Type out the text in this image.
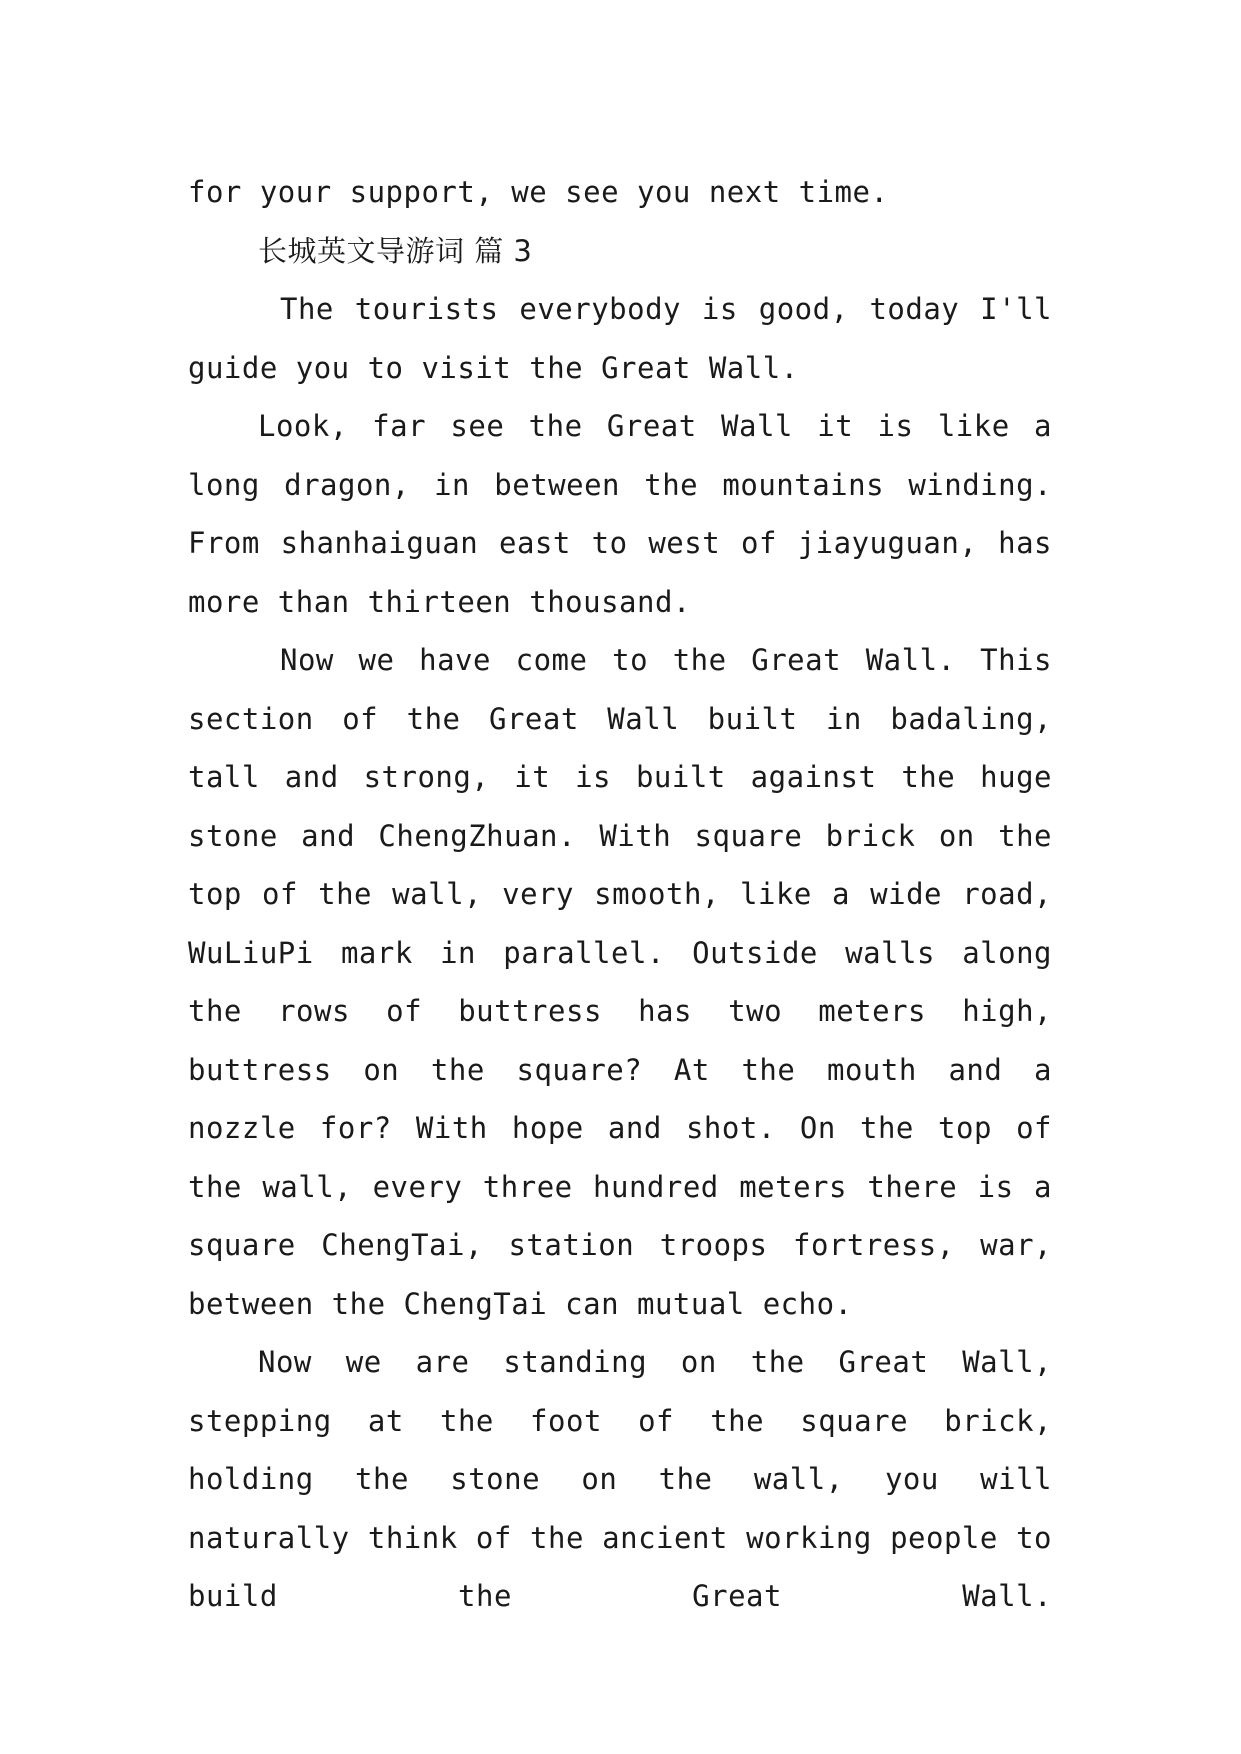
for your support, we see you next time.

长城英文导游词 篇 3

The tourists everybody is good, today I'll guide you to visit the Great Wall.

Look, far see the Great Wall it is like a long dragon, in between the mountains winding. From shanhaiguan east to west of jiayuguan, has more than thirteen thousand.

Now we have come to the Great Wall. This section of the Great Wall built in badaling, tall and strong, it is built against the huge stone and ChengZhuan. With square brick on the top of the wall, very smooth, like a wide road, WuLiuPi mark in parallel. Outside walls along the rows of buttress has two meters high, buttress on the square? At the mouth and a nozzle for? With hope and shot. On the top of the wall, every three hundred meters there is a square ChengTai, station troops fortress, war, between the ChengTai can mutual echo.

Now we are standing on the Great Wall, stepping at the foot of the square brick, holding the stone on the wall, you will naturally think of the ancient working people to build the Great Wall.
